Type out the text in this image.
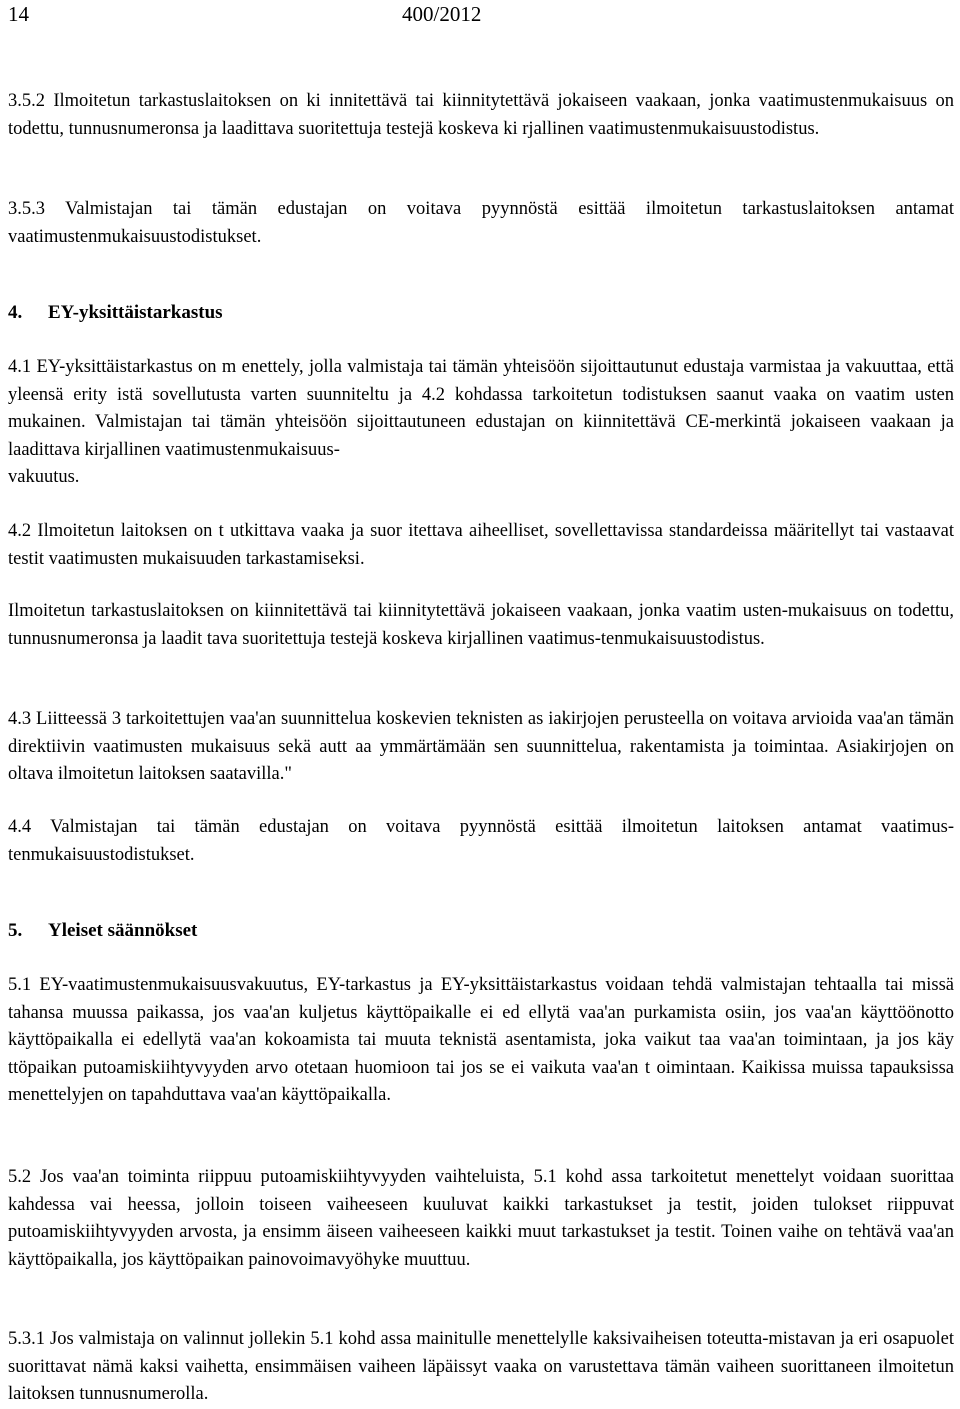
14	400/2012

3.5.2 Ilmoitetun tarkastuslaitoksen on ki innitettävä tai kiinnitytettävä jokaiseen vaakaan, jonka vaatimustenmukaisuus on todettu, tunnusnumeronsa ja laadittava suoritettuja testejä koskeva ki rjallinen vaatimustenmukaisuustodistus.

3.5.3 Valmistajan tai tämän edustajan on voitava pyynnöstä esittää ilmoitetun tarkastuslaitoksen antamat vaatimustenmukaisuustodistukset.

4. EY-yksittäistarkastus

4.1 EY-yksittäistarkastus on m enettely, jolla valmistaja tai tämän yhteisöön sijoittautunut edustaja varmistaa ja vakuuttaa, että yleensä erity istä sovellutusta varten suunniteltu ja 4.2 kohdassa tarkoitetun todistuksen saanut vaaka on vaatim usten mukainen. Valmistajan tai tämän yhteisöön sijoittautuneen edustajan on kiinnitettävä CE-merkintä jokaiseen vaakaan ja laadittava kirjallinen vaatimustenmukaisuus-
vakuutus.

4.2 Ilmoitetun laitoksen on t utkittava vaaka ja suor itettava aiheelliset, sovellettavissa standardeissa määritellyt tai vastaavat testit vaatimusten mukaisuuden tarkastamiseksi.

Ilmoitetun tarkastuslaitoksen on kiinnitettävä tai kiinnitytettävä jokaiseen vaakaan, jonka vaatim usten-mukaisuus on todettu, tunnusnumeronsa ja laadit tava suoritettuja testejä koskeva kirjallinen vaatimus-tenmukaisuustodistus.

4.3 Liitteessä 3 tarkoitettujen vaa'an suunnittelua koskevien teknisten as iakirjojen perusteella on voitava arvioida vaa'an tämän direktiivin vaatimusten mukaisuus sekä autt aa ymmärtämään sen suunnittelua, rakentamista ja toimintaa. Asiakirjojen on oltava ilmoitetun laitoksen saatavilla."

4.4 Valmistajan tai tämän edustajan on voitava pyynnöstä esittää ilmoitetun laitoksen antamat vaatimus-tenmukaisuustodistukset.

5. Yleiset säännökset

5.1 EY-vaatimustenmukaisuusvakuutus, EY-tarkastus ja EY-yksittäistarkastus voidaan tehdä valmistajan tehtaalla tai missä tahansa muussa paikassa, jos vaa'an kuljetus käyttöpaikalle ei ed ellytä vaa'an purkamista osiin, jos vaa'an käyttöönotto käyttöpaikalla ei edellytä vaa'an kokoamista tai muuta teknistä asentamista, joka vaikut taa vaa'an toimintaan, ja jos käy ttöpaikan putoamiskiihtyvyyden arvo otetaan huomioon tai jos se ei vaikuta vaa'an t oimintaan. Kaikissa muissa tapauksissa menettelyjen on tapahduttava vaa'an käyttöpaikalla.

5.2 Jos vaa'an toiminta riippuu putoamiskiihtyvyyden vaihteluista, 5.1 kohd assa tarkoitetut menettelyt voidaan suorittaa kahdessa vai heessa, jolloin toiseen vaiheeseen kuuluvat kaikki tarkastukset ja testit, joiden tulokset riippuvat putoamiskiihtyvyyden arvosta, ja ensimm äiseen vaiheeseen kaikki muut tarkastukset ja testit. Toinen vaihe on tehtävä vaa'an käyttöpaikalla, jos käyttöpaikan painovoimavyöhyke muuttuu.

5.3.1 Jos valmistaja on valinnut jollekin 5.1 kohd assa mainitulle menettelylle kaksivaiheisen toteutta-mistavan ja eri osapuolet suorittavat nämä kaksi vaihetta, ensimmäisen vaiheen läpäissyt vaaka on varustettava tämän vaiheen suorittaneen ilmoitetun laitoksen tunnusnumerolla.
